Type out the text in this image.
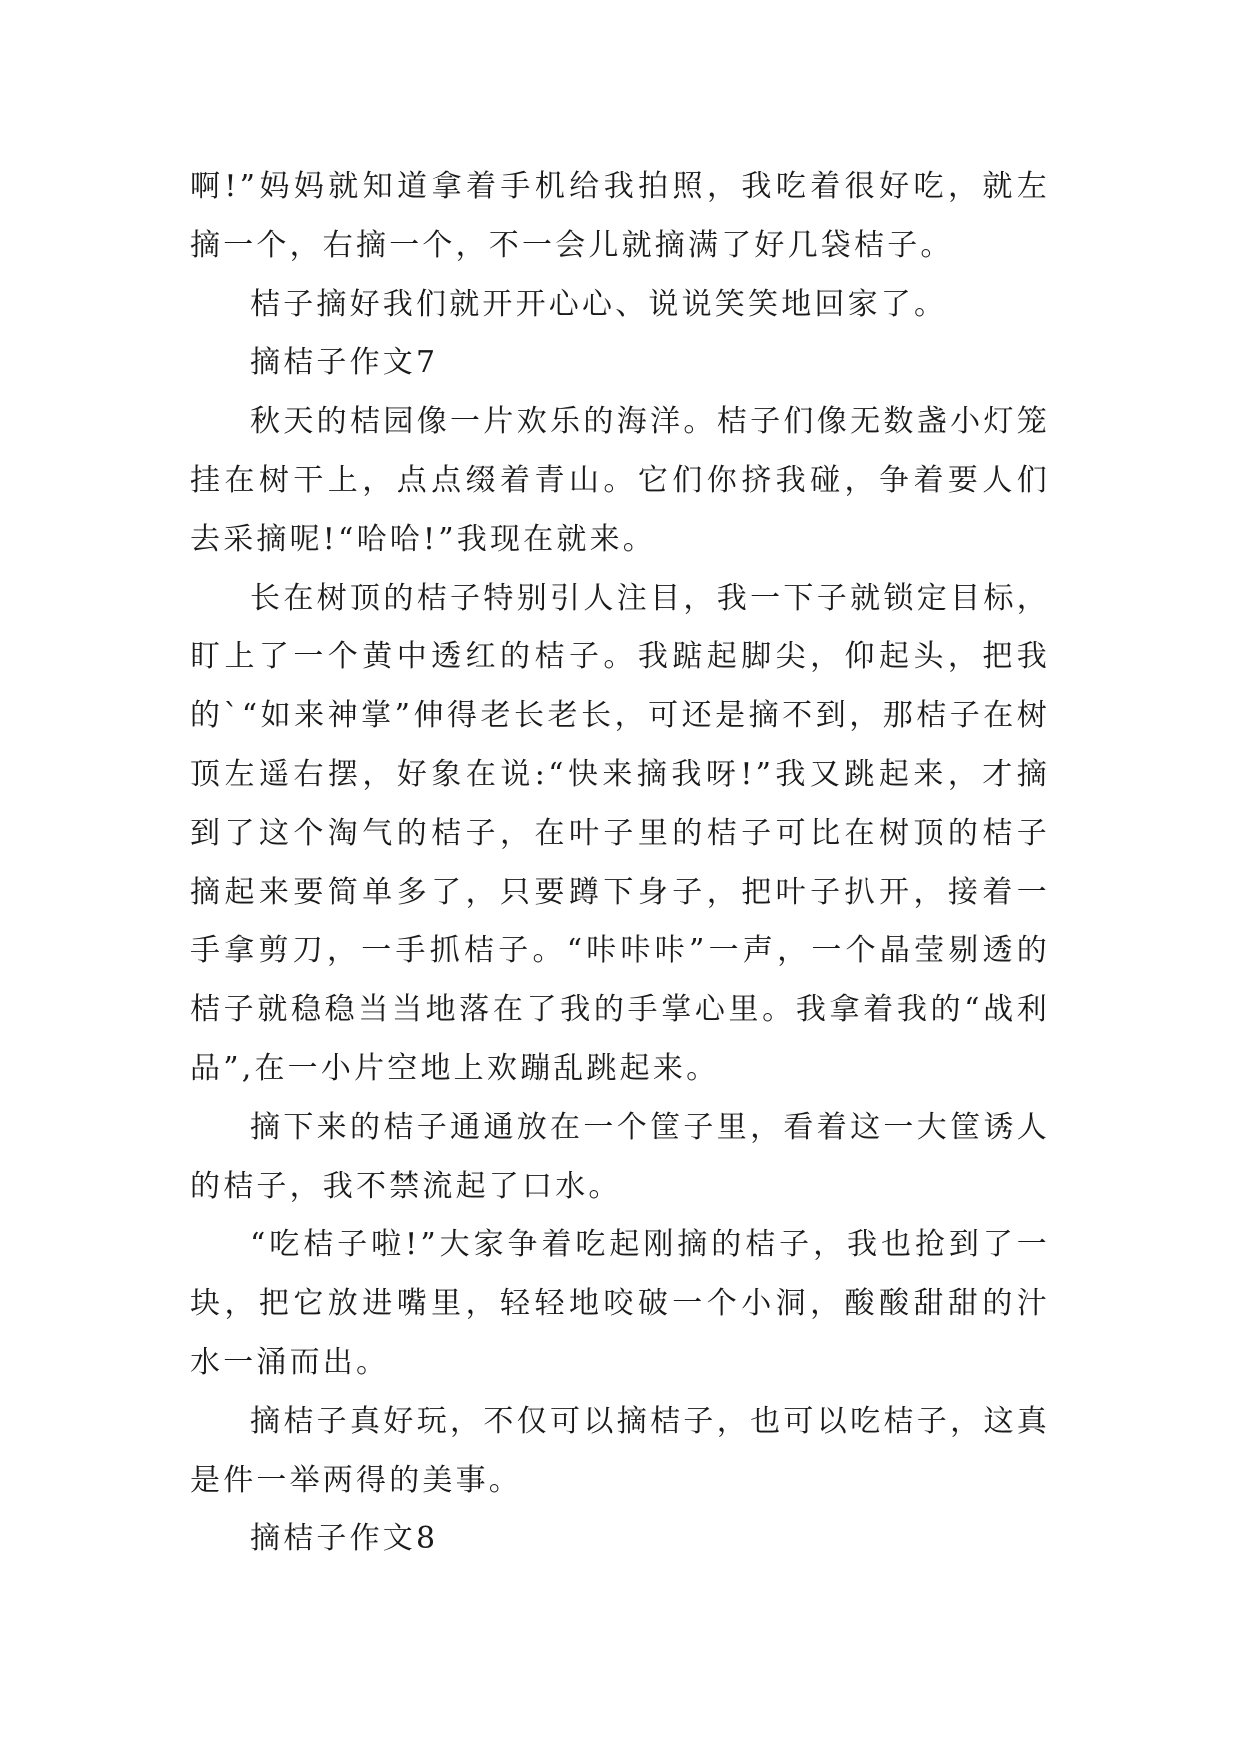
啊!”妈妈就知道拿着手机给我拍照，我吃着很好吃，就左摘一个，右摘一个，不一会儿就摘满了好几袋桔子。

桔子摘好我们就开开心心、说说笑笑地回家了。

摘桔子作文7

秋天的桔园像一片欢乐的海洋。桔子们像无数盏小灯笼挂在树干上，点点缀着青山。它们你挤我碰，争着要人们去采摘呢!“哈哈!”我现在就来。

长在树顶的桔子特别引人注目，我一下子就锁定目标，盯上了一个黄中透红的桔子。我踮起脚尖，仰起头，把我的`“如来神掌”伸得老长老长，可还是摘不到，那桔子在树顶左遥右摆，好象在说:“快来摘我呀!”我又跳起来，才摘到了这个淘气的桔子，在叶子里的桔子可比在树顶的桔子摘起来要简单多了，只要蹲下身子，把叶子扒开，接着一手拿剪刀，一手抓桔子。“咔咔咔”一声，一个晶莹剔透的桔子就稳稳当当地落在了我的手掌心里。我拿着我的“战利品”,在一小片空地上欢蹦乱跳起来。

摘下来的桔子通通放在一个筐子里，看着这一大筐诱人的桔子，我不禁流起了口水。

“吃桔子啦!”大家争着吃起刚摘的桔子，我也抢到了一块，把它放进嘴里，轻轻地咬破一个小洞，酸酸甜甜的汁水一涌而出。

摘桔子真好玩，不仅可以摘桔子，也可以吃桔子，这真是件一举两得的美事。

摘桔子作文8
